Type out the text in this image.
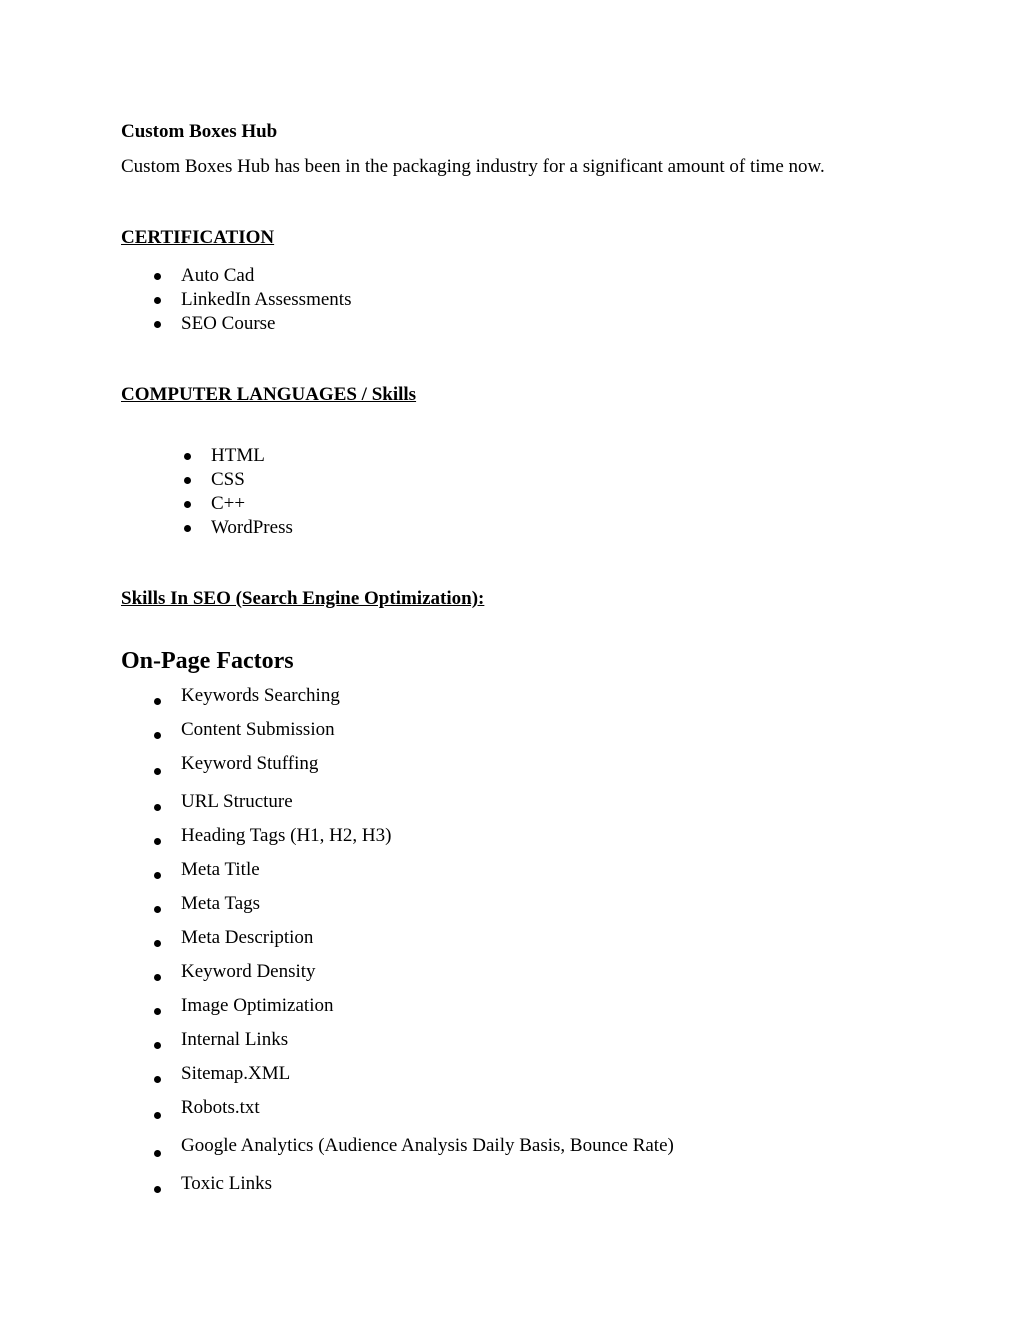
Custom Boxes Hub
Custom Boxes Hub has been in the packaging industry for a significant amount of time now.
CERTIFICATION
Auto Cad
LinkedIn Assessments
SEO Course
COMPUTER LANGUAGES / Skills
HTML
CSS
C++
WordPress
Skills In SEO (Search Engine Optimization):
On-Page Factors
Keywords Searching
Content Submission
Keyword Stuffing
URL Structure
Heading Tags (H1, H2, H3)
Meta Title
Meta Tags
Meta Description
Keyword Density
Image Optimization
Internal Links
Sitemap.XML
Robots.txt
Google Analytics (Audience Analysis Daily Basis, Bounce Rate)
Toxic Links
